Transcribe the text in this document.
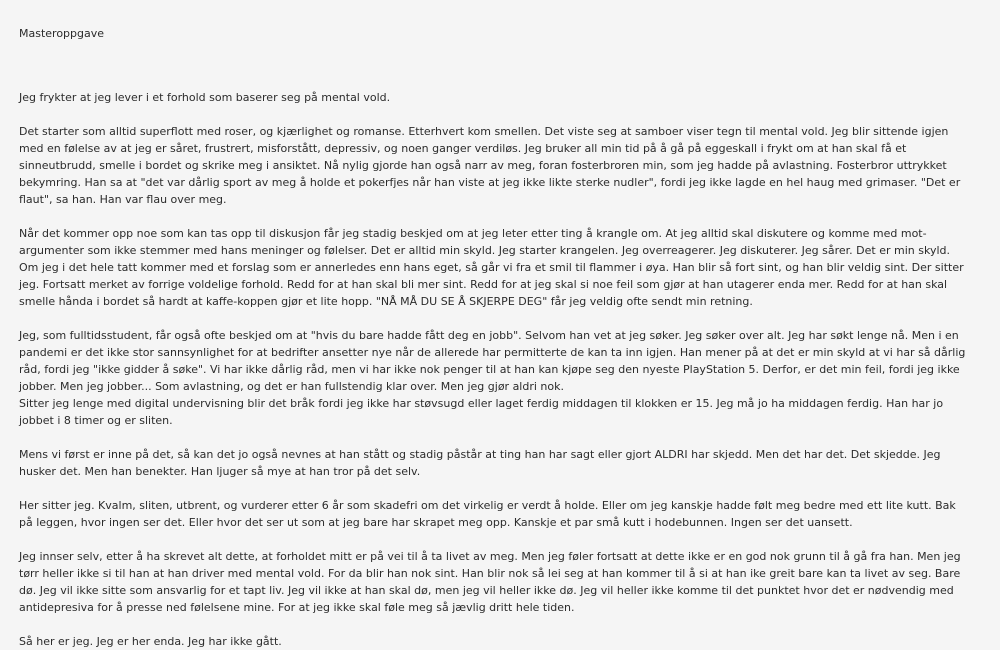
Masteroppgave

Jeg frykter at jeg lever i et forhold som baserer seg på mental vold.

Det starter som alltid superflott med roser, og kjærlighet og romanse. Etterhvert kom smellen. Det viste seg at samboer viser tegn til mental vold. Jeg blir sittende igjen med en følelse av at jeg er såret, frustrert, misforstått, depressiv, og noen ganger verdiløs. Jeg bruker all min tid på å gå på eggeskall i frykt om at han skal få et sinneutbrudd, smelle i bordet og skrike meg i ansiktet. Nå nylig gjorde han også narr av meg, foran fosterbroren min, som jeg hadde på avlastning. Fosterbror uttrykket bekymring. Han sa at "det var dårlig sport av meg å holde et pokerfjes når han viste at jeg ikke likte sterke nudler", fordi jeg ikke lagde en hel haug med grimaser. "Det er flaut", sa han. Han var flau over meg.

Når det kommer opp noe som kan tas opp til diskusjon får jeg stadig beskjed om at jeg leter etter ting å krangle om. At jeg alltid skal diskutere og komme med mot-argumenter som ikke stemmer med hans meninger og følelser. Det er alltid min skyld. Jeg starter krangelen. Jeg overreagerer. Jeg diskuterer. Jeg sårer. Det er min skyld. Om jeg i det hele tatt kommer med et forslag som er annerledes enn hans eget, så går vi fra et smil til flammer i øya. Han blir så fort sint, og han blir veldig sint. Der sitter jeg. Fortsatt merket av forrige voldelige forhold. Redd for at han skal bli mer sint. Redd for at jeg skal si noe feil som gjør at han utagerer enda mer. Redd for at han skal smelle hånda i bordet så hardt at kaffe-koppen gjør et lite hopp. "NÅ MÅ DU SE Å SKJERPE DEG" får jeg veldig ofte sendt min retning.

Jeg, som fulltidsstudent, får også ofte beskjed om at "hvis du bare hadde fått deg en jobb". Selvom han vet at jeg søker. Jeg søker over alt. Jeg har søkt lenge nå. Men i en pandemi er det ikke stor sannsynlighet for at bedrifter ansetter nye når de allerede har permitterte de kan ta inn igjen. Han mener på at det er min skyld at vi har så dårlig råd, fordi jeg "ikke gidder å søke". Vi har ikke dårlig råd, men vi har ikke nok penger til at han kan kjøpe seg den nyeste PlayStation 5. Derfor, er det min feil, fordi jeg ikke jobber. Men jeg jobber... Som avlastning, og det er han fullstendig klar over. Men jeg gjør aldri nok.

Sitter jeg lenge med digital undervisning blir det bråk fordi jeg ikke har støvsugd eller laget ferdig middagen til klokken er 15. Jeg må jo ha middagen ferdig. Han har jo jobbet i 8 timer og er sliten.

Mens vi først er inne på det, så kan det jo også nevnes at han stått og stadig påstår at ting han har sagt eller gjort ALDRI har skjedd. Men det har det. Det skjedde. Jeg husker det. Men han benekter. Han ljuger så mye at han tror på det selv.

Her sitter jeg. Kvalm, sliten, utbrent, og vurderer etter 6 år som skadefri om det virkelig er verdt å holde. Eller om jeg kanskje hadde følt meg bedre med ett lite kutt. Bak på leggen, hvor ingen ser det. Eller hvor det ser ut som at jeg bare har skrapet meg opp. Kanskje et par små kutt i hodebunnen. Ingen ser det uansett.

Jeg innser selv, etter å ha skrevet alt dette, at forholdet mitt er på vei til å ta livet av meg. Men jeg føler fortsatt at dette ikke er en god nok grunn til å gå fra han. Men jeg tørr heller ikke si til han at han driver med mental vold. For da blir han nok sint. Han blir nok så lei seg at han kommer til å si at han ike greit bare kan ta livet av seg. Bare dø. Jeg vil ikke sitte som ansvarlig for et tapt liv. Jeg vil ikke at han skal dø, men jeg vil heller ikke dø. Jeg vil heller ikke komme til det punktet hvor det er nødvendig med antidepresiva for å presse ned følelsene mine. For at jeg ikke skal føle meg så jævlig dritt hele tiden.

Så her er jeg. Jeg er her enda. Jeg har ikke gått.
